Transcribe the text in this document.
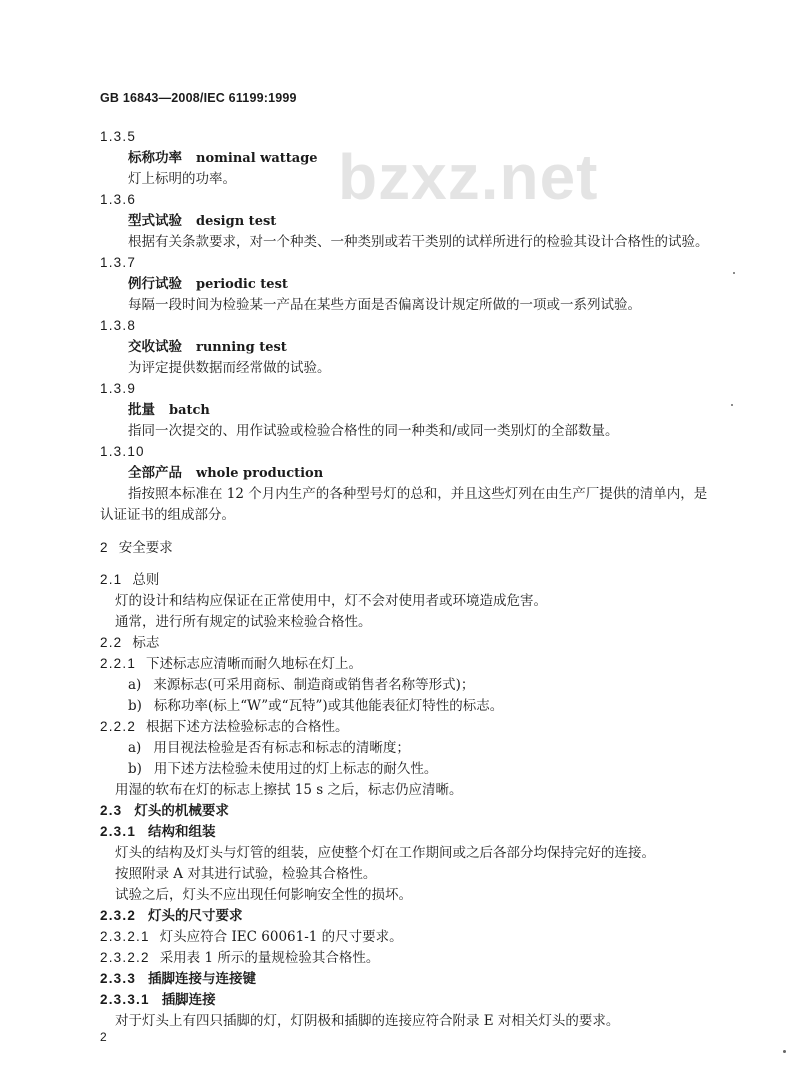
GB 16843—2008/IEC 61199:1999
bzxz.net
1.3.5
标称功率 nominal wattage
灯上标明的功率。
1.3.6
型式试验 design test
根据有关条款要求，对一个种类、一种类别或若干类别的试样所进行的检验其设计合格性的试验。
1.3.7
例行试验 periodic test
每隔一段时间为检验某一产品在某些方面是否偏离设计规定所做的一项或一系列试验。
1.3.8
交收试验 running test
为评定提供数据而经常做的试验。
1.3.9
批量 batch
指同一次提交的、用作试验或检验合格性的同一种类和/或同一类别灯的全部数量。
1.3.10
全部产品 whole production
指按照本标准在 12 个月内生产的各种型号灯的总和，并且这些灯列在由生产厂提供的清单内，是
认证证书的组成部分。
2 安全要求
2.1 总则
灯的设计和结构应保证在正常使用中，灯不会对使用者或环境造成危害。
通常，进行所有规定的试验来检验合格性。
2.2 标志
2.2.1 下述标志应清晰而耐久地标在灯上。
a) 来源标志(可采用商标、制造商或销售者名称等形式)；
b) 标称功率(标上“W”或“瓦特”)或其他能表征灯特性的标志。
2.2.2 根据下述方法检验标志的合格性。
a) 用目视法检验是否有标志和标志的清晰度；
b) 用下述方法检验未使用过的灯上标志的耐久性。
用湿的软布在灯的标志上擦拭 15 s 之后，标志仍应清晰。
2.3 灯头的机械要求
2.3.1 结构和组装
灯头的结构及灯头与灯管的组装，应使整个灯在工作期间或之后各部分均保持完好的连接。
按照附录 A 对其进行试验，检验其合格性。
试验之后，灯头不应出现任何影响安全性的损坏。
2.3.2 灯头的尺寸要求
2.3.2.1 灯头应符合 IEC 60061-1 的尺寸要求。
2.3.2.2 采用表 1 所示的量规检验其合格性。
2.3.3 插脚连接与连接键
2.3.3.1 插脚连接
对于灯头上有四只插脚的灯，灯阴极和插脚的连接应符合附录 E 对相关灯头的要求。
2
